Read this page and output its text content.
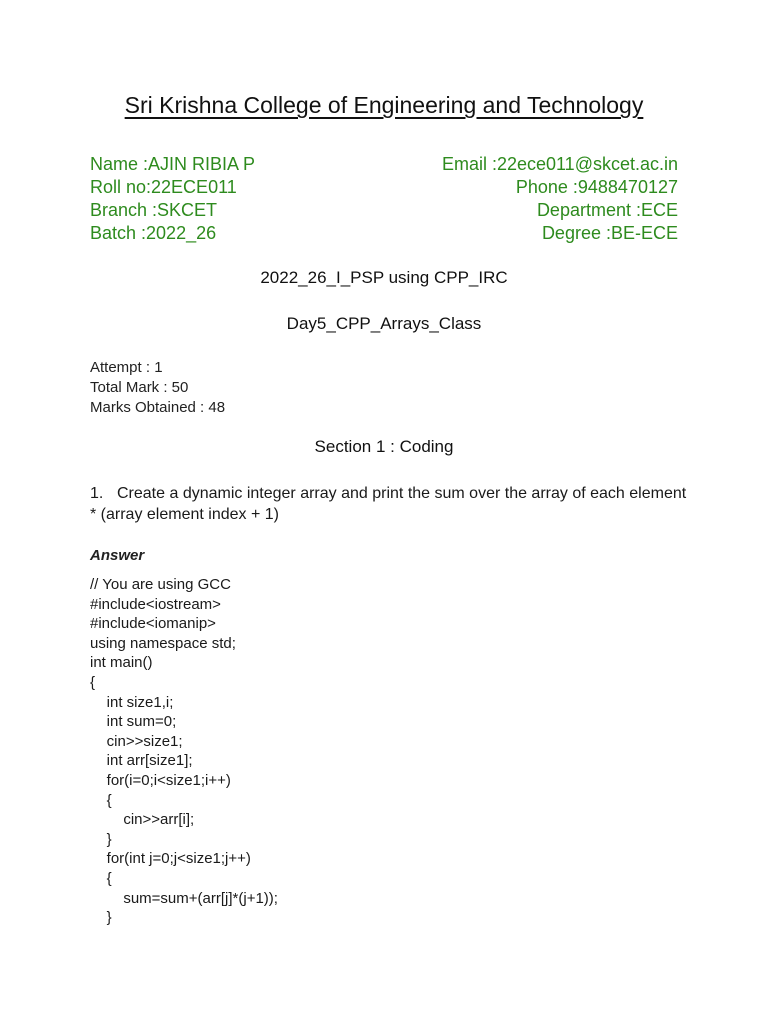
Sri Krishna College of Engineering and Technology
Name :AJIN RIBIA P	Email :22ece011@skcet.ac.in
Roll no:22ECE011	Phone :9488470127
Branch :SKCET	Department :ECE
Batch :2022_26	Degree :BE-ECE
2022_26_I_PSP using CPP_IRC
Day5_CPP_Arrays_Class
Attempt : 1
Total Mark : 50
Marks Obtained : 48
Section 1 : Coding
1. Create a dynamic integer array and print the sum over the array of each element * (array element index + 1)
Answer
// You are using GCC
#include<iostream>
#include<iomanip>
using namespace std;
int main()
{
int size1,i;
int sum=0;
cin>>size1;
int arr[size1];
for(i=0;i<size1;i++)
{
cin>>arr[i];
}
for(int j=0;j<size1;j++)
{
sum=sum+(arr[j]*(j+1));
}
